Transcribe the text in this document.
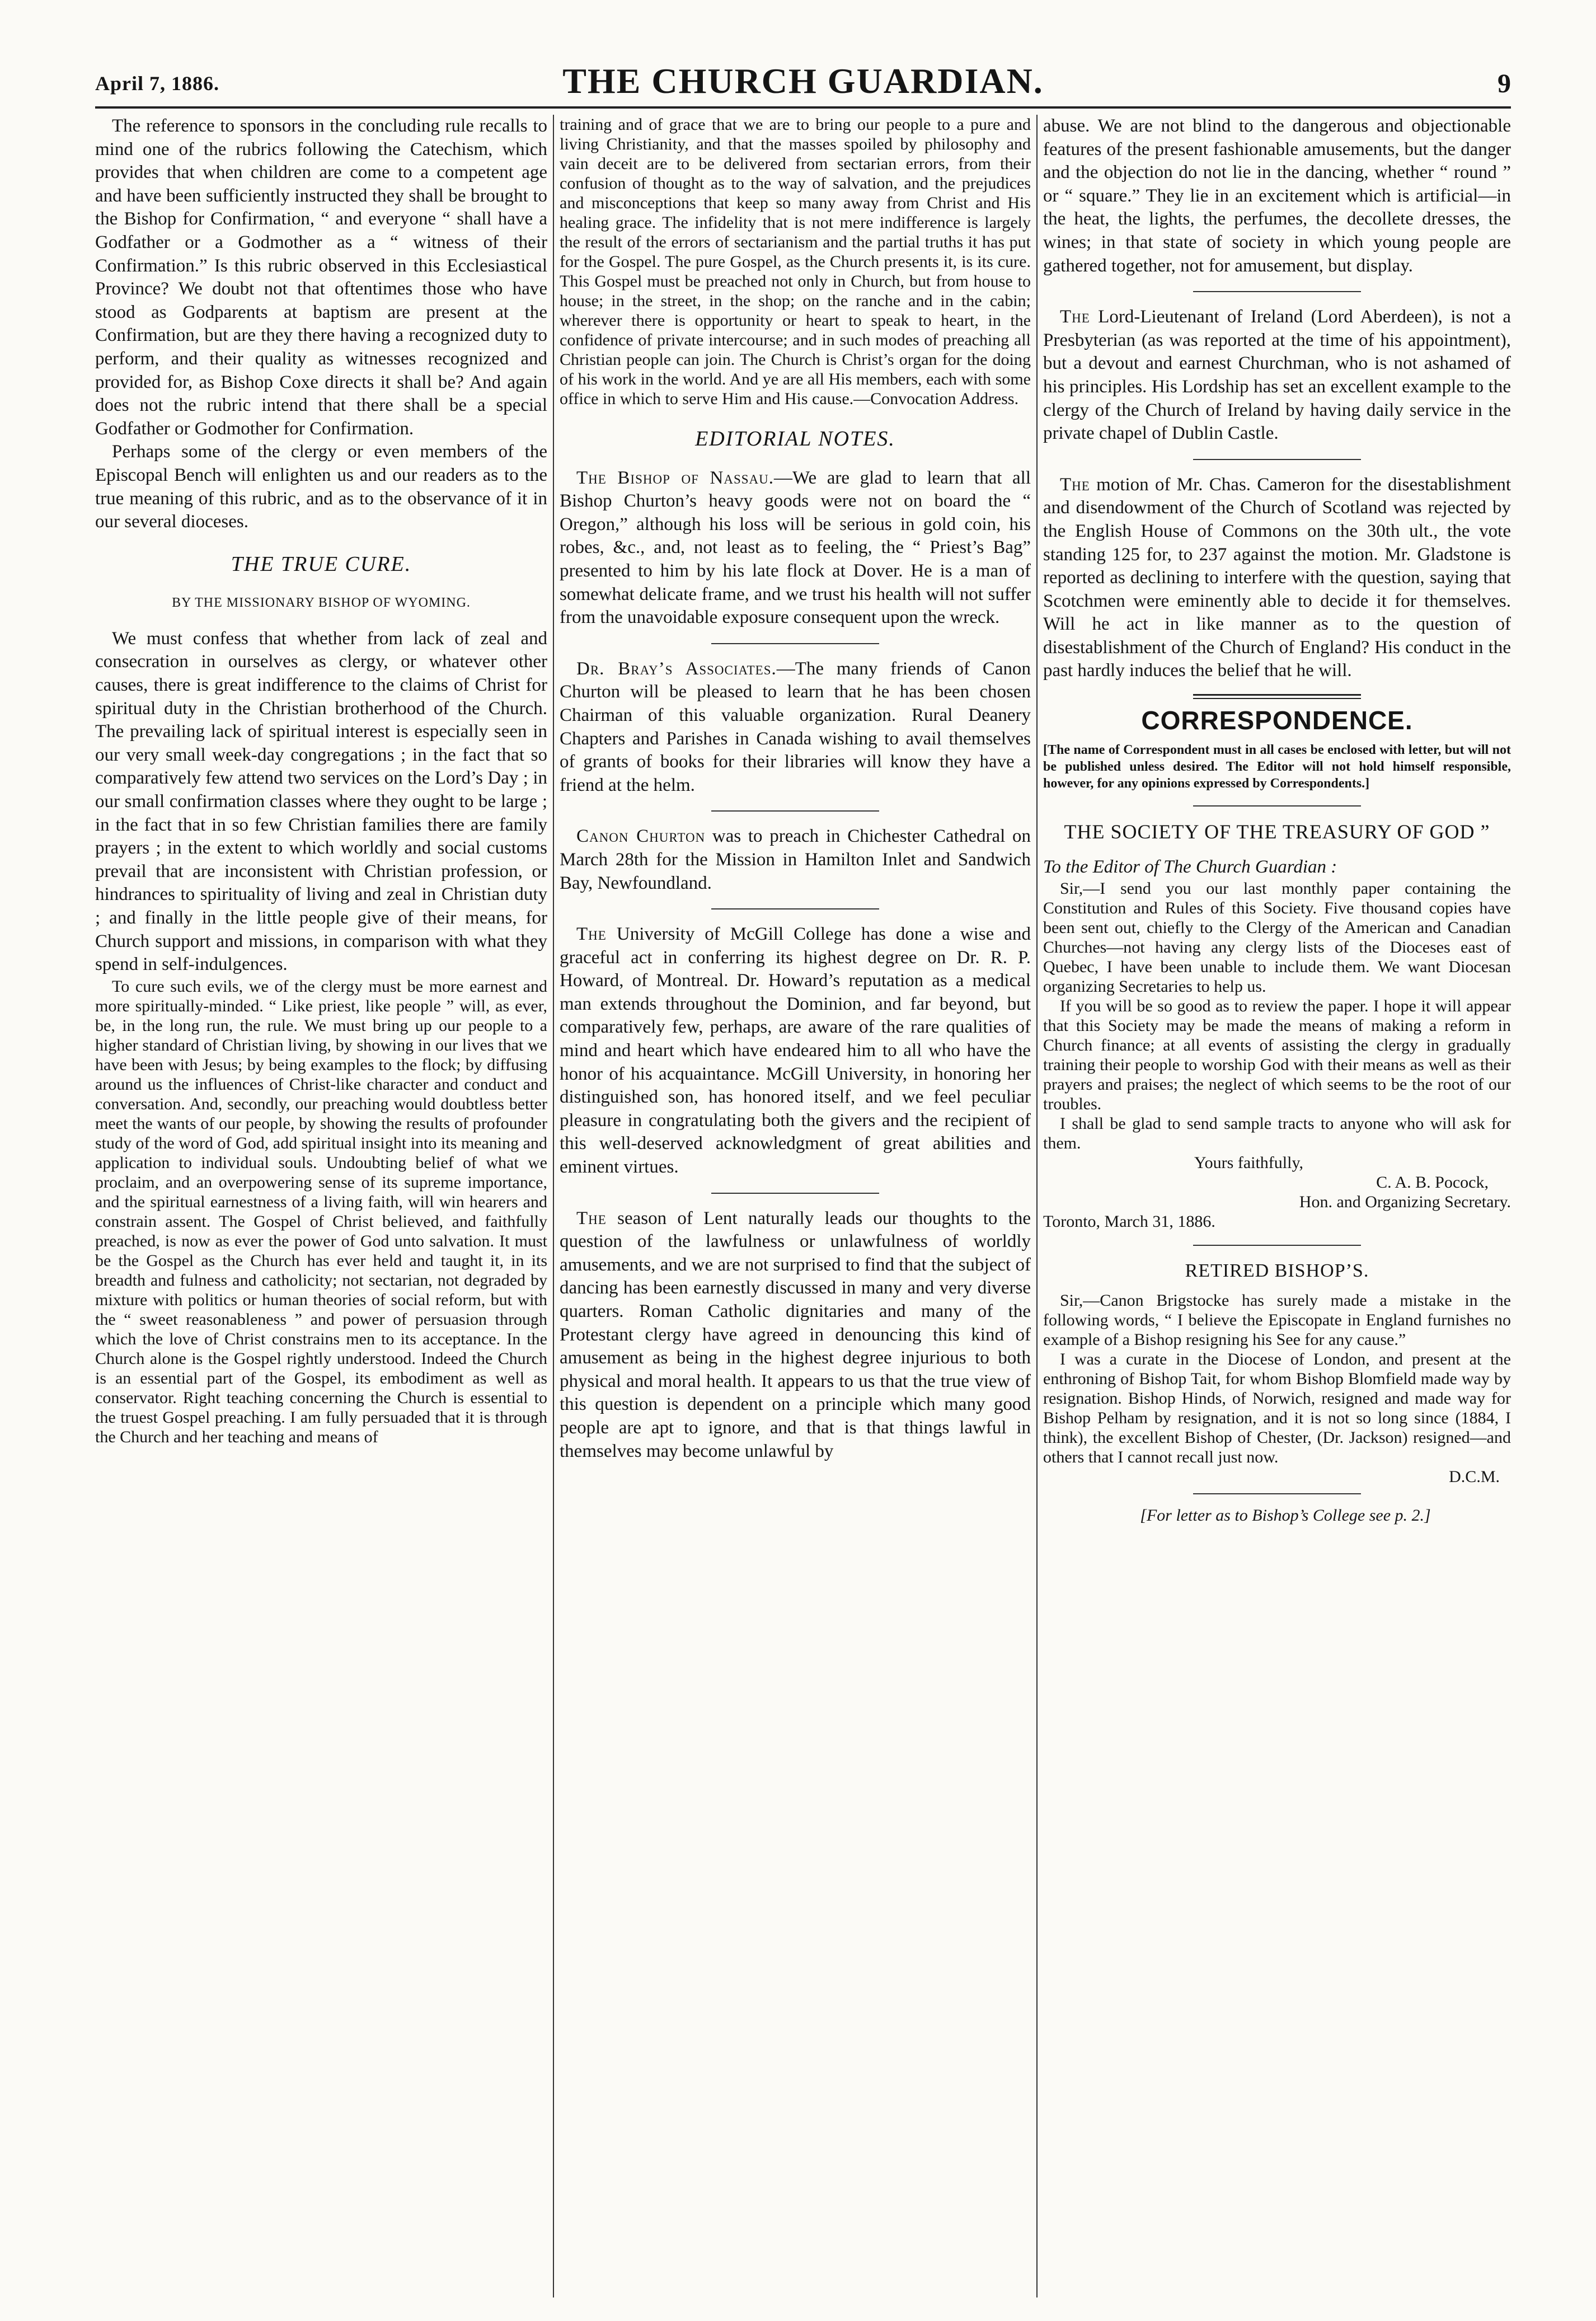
April 7, 1886.	THE CHURCH GUARDIAN.	9

The reference to sponsors in the concluding rule recalls to mind one of the rubrics following the Catechism, which provides that when children are come to a competent age and have been sufficiently instructed they shall be brought to the Bishop for Confirmation, “ and everyone “ shall have a Godfather or a Godmother as a “ witness of their Confirmation.” Is this rubric observed in this Ecclesiastical Province? We doubt not that oftentimes those who have stood as Godparents at baptism are present at the Confirmation, but are they there having a recognized duty to perform, and their quality as witnesses recognized and provided for, as Bishop Coxe directs it shall be? And again does not the rubric intend that there shall be a special Godfather or Godmother for Confirmation.

Perhaps some of the clergy or even members of the Episcopal Bench will enlighten us and our readers as to the true meaning of this rubric, and as to the observance of it in our several dioceses.

THE TRUE CURE.
BY THE MISSIONARY BISHOP OF WYOMING.

We must confess that whether from lack of zeal and consecration in ourselves as clergy, or whatever other causes, there is great indifference to the claims of Christ for spiritual duty in the Christian brotherhood of the Church. The prevailing lack of spiritual interest is especially seen in our very small week-day congregations ; in the fact that so comparatively few attend two services on the Lord’s Day ; in our small confirmation classes where they ought to be large ; in the fact that in so few Christian families there are family prayers ; in the extent to which worldly and social customs prevail that are inconsistent with Christian profession, or hindrances to spirituality of living and zeal in Christian duty ; and finally in the little people give of their means, for Church support and missions, in comparison with what they spend in self-indulgences.

To cure such evils, we of the clergy must be more earnest and more spiritually-minded. “ Like priest, like people ” will, as ever, be, in the long run, the rule. We must bring up our people to a higher standard of Christian living, by showing in our lives that we have been with Jesus; by being examples to the flock; by diffusing around us the influences of Christ-like character and conduct and conversation. And, secondly, our preaching would doubtless better meet the wants of our people, by showing the results of profounder study of the word of God, add spiritual insight into its meaning and application to individual souls. Undoubting belief of what we proclaim, and an overpowering sense of its supreme importance, and the spiritual earnestness of a living faith, will win hearers and constrain assent. The Gospel of Christ believed, and faithfully preached, is now as ever the power of God unto salvation. It must be the Gospel as the Church has ever held and taught it, in its breadth and fulness and catholicity; not sectarian, not degraded by mixture with politics or human theories of social reform, but with the “ sweet reasonableness ” and power of persuasion through which the love of Christ constrains men to its acceptance. In the Church alone is the Gospel rightly understood. Indeed the Church is an essential part of the Gospel, its embodiment as well as conservator. Right teaching concerning the Church is essential to the truest Gospel preaching. I am fully persuaded that it is through the Church and her teaching and means of

training and of grace that we are to bring our people to a pure and living Christianity, and that the masses spoiled by philosophy and vain deceit are to be delivered from sectarian errors, from their confusion of thought as to the way of salvation, and the prejudices and misconceptions that keep so many away from Christ and His healing grace. The infidelity that is not mere indifference is largely the result of the errors of sectarianism and the partial truths it has put for the Gospel. The pure Gospel, as the Church presents it, is its cure. This Gospel must be preached not only in Church, but from house to house; in the street, in the shop; on the ranche and in the cabin; wherever there is opportunity or heart to speak to heart, in the confidence of private intercourse; and in such modes of preaching all Christian people can join. The Church is Christ’s organ for the doing of his work in the world. And ye are all His members, each with some office in which to serve Him and His cause.—Convocation Address.

EDITORIAL NOTES.

The Bishop of Nassau.—We are glad to learn that all Bishop Churton’s heavy goods were not on board the “ Oregon,” although his loss will be serious in gold coin, his robes, &c., and, not least as to feeling, the “ Priest’s Bag” presented to him by his late flock at Dover. He is a man of somewhat delicate frame, and we trust his health will not suffer from the unavoidable exposure consequent upon the wreck.

Dr. Bray’s Associates.—The many friends of Canon Churton will be pleased to learn that he has been chosen Chairman of this valuable organization. Rural Deanery Chapters and Parishes in Canada wishing to avail themselves of grants of books for their libraries will know they have a friend at the helm.

Canon Churton was to preach in Chichester Cathedral on March 28th for the Mission in Hamilton Inlet and Sandwich Bay, Newfoundland.

The University of McGill College has done a wise and graceful act in conferring its highest degree on Dr. R. P. Howard, of Montreal. Dr. Howard’s reputation as a medical man extends throughout the Dominion, and far beyond, but comparatively few, perhaps, are aware of the rare qualities of mind and heart which have endeared him to all who have the honor of his acquaintance. McGill University, in honoring her distinguished son, has honored itself, and we feel peculiar pleasure in congratulating both the givers and the recipient of this well-deserved acknowledgment of great abilities and eminent virtues.

The season of Lent naturally leads our thoughts to the question of the lawfulness or unlawfulness of worldly amusements, and we are not surprised to find that the subject of dancing has been earnestly discussed in many and very diverse quarters. Roman Catholic dignitaries and many of the Protestant clergy have agreed in denouncing this kind of amusement as being in the highest degree injurious to both physical and moral health. It appears to us that the true view of this question is dependent on a principle which many good people are apt to ignore, and that is that things lawful in themselves may become unlawful by

abuse. We are not blind to the dangerous and objectionable features of the present fashionable amusements, but the danger and the objection do not lie in the dancing, whether “ round ” or “ square.” They lie in an excitement which is artificial—in the heat, the lights, the perfumes, the decollete dresses, the wines; in that state of society in which young people are gathered together, not for amusement, but display.

The Lord-Lieutenant of Ireland (Lord Aberdeen), is not a Presbyterian (as was reported at the time of his appointment), but a devout and earnest Churchman, who is not ashamed of his principles. His Lordship has set an excellent example to the clergy of the Church of Ireland by having daily service in the private chapel of Dublin Castle.

The motion of Mr. Chas. Cameron for the disestablishment and disendowment of the Church of Scotland was rejected by the English House of Commons on the 30th ult., the vote standing 125 for, to 237 against the motion. Mr. Gladstone is reported as declining to interfere with the question, saying that Scotchmen were eminently able to decide it for themselves. Will he act in like manner as to the question of disestablishment of the Church of England? His conduct in the past hardly induces the belief that he will.

CORRESPONDENCE.
[The name of Correspondent must in all cases be enclosed with letter, but will not be published unless desired. The Editor will not hold himself responsible, however, for any opinions expressed by Correspondents.]
THE SOCIETY OF THE TREASURY OF GOD ”

To the Editor of The Church Guardian :

Sir,—I send you our last monthly paper containing the Constitution and Rules of this Society. Five thousand copies have been sent out, chiefly to the Clergy of the American and Canadian Churches—not having any clergy lists of the Dioceses east of Quebec, I have been unable to include them. We want Diocesan organizing Secretaries to help us.

If you will be so good as to review the paper. I hope it will appear that this Society may be made the means of making a reform in Church finance; at all events of assisting the clergy in gradually training their people to worship God with their means as well as their prayers and praises; the neglect of which seems to be the root of our troubles.

I shall be glad to send sample tracts to anyone who will ask for them.

Yours faithfully,

C. A. B. Pocock,

Hon. and Organizing Secretary.

Toronto, March 31, 1886.

RETIRED BISHOP’S.

Sir,—Canon Brigstocke has surely made a mistake in the following words, “ I believe the Episcopate in England furnishes no example of a Bishop resigning his See for any cause.”

I was a curate in the Diocese of London, and present at the enthroning of Bishop Tait, for whom Bishop Blomfield made way by resignation. Bishop Hinds, of Norwich, resigned and made way for Bishop Pelham by resignation, and it is not so long since (1884, I think), the excellent Bishop of Chester, (Dr. Jackson) resigned—and others that I cannot recall just now.

D.C.M.

[For letter as to Bishop’s College see p. 2.]
